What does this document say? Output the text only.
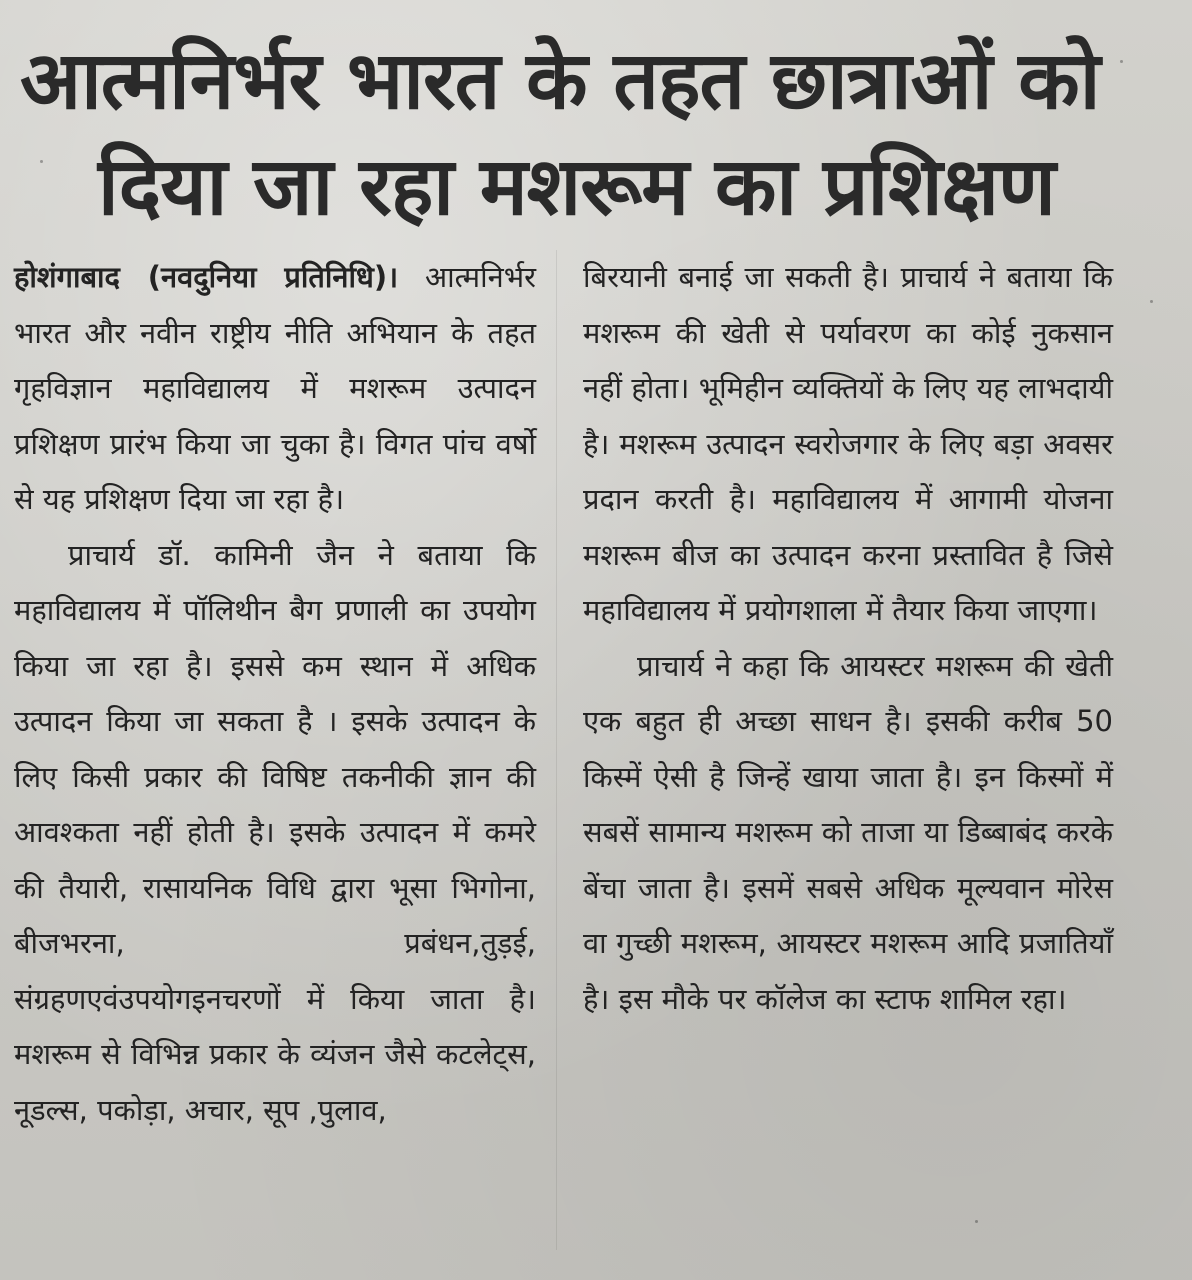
आत्मनिर्भर भारत के तहत छात्राओं को
दिया जा रहा मशरूम का प्रशिक्षण

होशंगाबाद (नवदुनिया प्रतिनिधि)। आत्मनिर्भर भारत और नवीन राष्ट्रीय नीति अभियान के तहत गृहविज्ञान महाविद्यालय में मशरूम उत्पादन प्रशिक्षण प्रारंभ किया जा चुका है। विगत पांच वर्षो से यह प्रशिक्षण दिया जा रहा है।

प्राचार्य डॉ. कामिनी जैन ने बताया कि महाविद्यालय में पॉलिथीन बैग प्रणाली का उपयोग किया जा रहा है। इससे कम स्थान में अधिक उत्पादन किया जा सकता है । इसके उत्पादन के लिए किसी प्रकार की विषिष्ट तकनीकी ज्ञान की आवश्कता नहीं होती है। इसके उत्पादन में कमरे की तैयारी, रासायनिक विधि द्वारा भूसा भिगोना, बीजभरना, प्रबंधन,तुड़ई, संग्रहणएवंउपयोगइनचरणों में किया जाता है। मशरूम से विभिन्न प्रकार के व्यंजन जैसे कटलेट्स, नूडल्स, पकोड़ा, अचार, सूप ,पुलाव,

बिरयानी बनाई जा सकती है। प्राचार्य ने बताया कि मशरूम की खेती से पर्यावरण का कोई नुकसान नहीं होता। भूमिहीन व्यक्तियों के लिए यह लाभदायी है। मशरूम उत्पादन स्वरोजगार के लिए बड़ा अवसर प्रदान करती है। महाविद्यालय में आगामी योजना मशरूम बीज का उत्पादन करना प्रस्तावित है जिसे महाविद्यालय में प्रयोगशाला में तैयार किया जाएगा।

प्राचार्य ने कहा कि आयस्टर मशरूम की खेती एक बहुत ही अच्छा साधन है। इसकी करीब 50 किस्में ऐसी है जिन्हें खाया जाता है। इन किस्मों में सबसें सामान्य मशरूम को ताजा या डिब्बाबंद करके बेंचा जाता है। इसमें सबसे अधिक मूल्यवान मोरेस वा गुच्छी मशरूम, आयस्टर मशरूम आदि प्रजातियाँ है। इस मौके पर कॉलेज का स्टाफ शामिल रहा।
